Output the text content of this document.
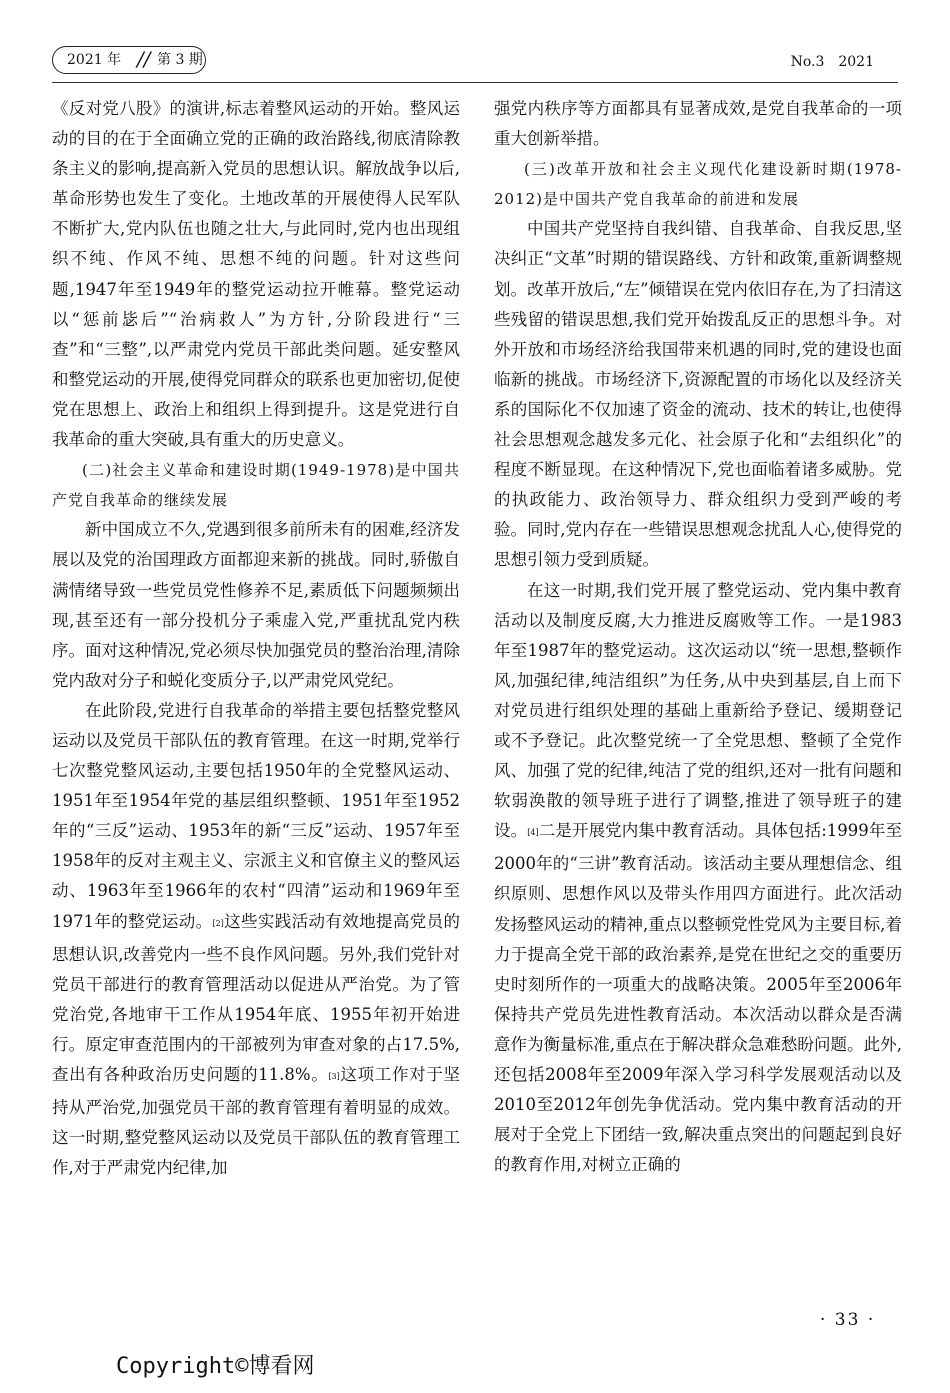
2021 年 // 第 3 期	No.3　2021

《反对党八股》的演讲,标志着整风运动的开始。整风运动的目的在于全面确立党的正确的政治路线,彻底清除教条主义的影响,提高新入党员的思想认识。解放战争以后,革命形势也发生了变化。土地改革的开展使得人民军队不断扩大,党内队伍也随之壮大,与此同时,党内也出现组织不纯、作风不纯、思想不纯的问题。针对这些问题,1947年至1949年的整党运动拉开帷幕。整党运动以“惩前毖后”“治病救人”为方针,分阶段进行“三查”和“三整”,以严肃党内党员干部此类问题。延安整风和整党运动的开展,使得党同群众的联系也更加密切,促使党在思想上、政治上和组织上得到提升。这是党进行自我革命的重大突破,具有重大的历史意义。

(二)社会主义革命和建设时期(1949-1978)是中国共产党自我革命的继续发展

新中国成立不久,党遇到很多前所未有的困难,经济发展以及党的治国理政方面都迎来新的挑战。同时,骄傲自满情绪导致一些党员党性修养不足,素质低下问题频频出现,甚至还有一部分投机分子乘虚入党,严重扰乱党内秩序。面对这种情况,党必须尽快加强党员的整治治理,清除党内敌对分子和蜕化变质分子,以严肃党风党纪。

在此阶段,党进行自我革命的举措主要包括整党整风运动以及党员干部队伍的教育管理。在这一时期,党举行七次整党整风运动,主要包括1950年的全党整风运动、1951年至1954年党的基层组织整顿、1951年至1952年的“三反”运动、1953年的新“三反”运动、1957年至1958年的反对主观主义、宗派主义和官僚主义的整风运动、1963年至1966年的农村“四清”运动和1969年至1971年的整党运动。[2]这些实践活动有效地提高党员的思想认识,改善党内一些不良作风问题。另外,我们党针对党员干部进行的教育管理活动以促进从严治党。为了管党治党,各地审干工作从1954年底、1955年初开始进行。原定审查范围内的干部被列为审查对象的占17.5%,查出有各种政治历史问题的11.8%。[3]这项工作对于坚持从严治党,加强党员干部的教育管理有着明显的成效。这一时期,整党整风运动以及党员干部队伍的教育管理工作,对于严肃党内纪律,加

强党内秩序等方面都具有显著成效,是党自我革命的一项重大创新举措。

(三)改革开放和社会主义现代化建设新时期(1978-2012)是中国共产党自我革命的前进和发展

中国共产党坚持自我纠错、自我革命、自我反思,坚决纠正“文革”时期的错误路线、方针和政策,重新调整规划。改革开放后,“左”倾错误在党内依旧存在,为了扫清这些残留的错误思想,我们党开始拨乱反正的思想斗争。对外开放和市场经济给我国带来机遇的同时,党的建设也面临新的挑战。市场经济下,资源配置的市场化以及经济关系的国际化不仅加速了资金的流动、技术的转让,也使得社会思想观念越发多元化、社会原子化和“去组织化”的程度不断显现。在这种情况下,党也面临着诸多威胁。党的执政能力、政治领导力、群众组织力受到严峻的考验。同时,党内存在一些错误思想观念扰乱人心,使得党的思想引领力受到质疑。

在这一时期,我们党开展了整党运动、党内集中教育活动以及制度反腐,大力推进反腐败等工作。一是1983年至1987年的整党运动。这次运动以“统一思想,整顿作风,加强纪律,纯洁组织”为任务,从中央到基层,自上而下对党员进行组织处理的基础上重新给予登记、缓期登记或不予登记。此次整党统一了全党思想、整顿了全党作风、加强了党的纪律,纯洁了党的组织,还对一批有问题和软弱涣散的领导班子进行了调整,推进了领导班子的建设。[4]二是开展党内集中教育活动。具体包括:1999年至2000年的“三讲”教育活动。该活动主要从理想信念、组织原则、思想作风以及带头作用四方面进行。此次活动发扬整风运动的精神,重点以整顿党性党风为主要目标,着力于提高全党干部的政治素养,是党在世纪之交的重要历史时刻所作的一项重大的战略决策。2005年至2006年保持共产党员先进性教育活动。本次活动以群众是否满意作为衡量标准,重点在于解决群众急难愁盼问题。此外,还包括2008年至2009年深入学习科学发展观活动以及2010至2012年创先争优活动。党内集中教育活动的开展对于全党上下团结一致,解决重点突出的问题起到良好的教育作用,对树立正确的

· 33 ·
Copyright©博看网
